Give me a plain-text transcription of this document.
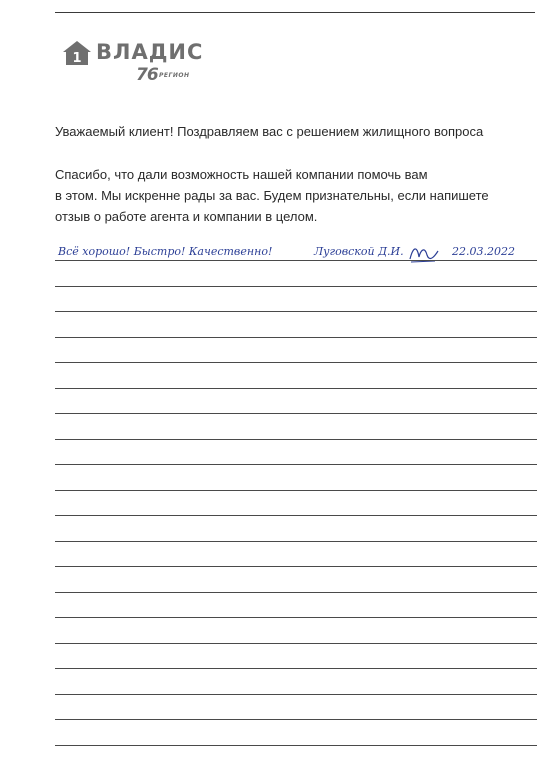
1 ВЛАДИС
76 РЕГИОН
Уважаемый клиент! Поздравляем вас с решением жилищного вопроса
Спасибо, что дали возможность нашей компании помочь вам
в этом. Мы искренне рады за вас. Будем признательны, если напишете
отзыв о работе агента и компании в целом.
Всё хорошо! Быстро! Качественно!	Луговской Д.И.	22.03.2022
